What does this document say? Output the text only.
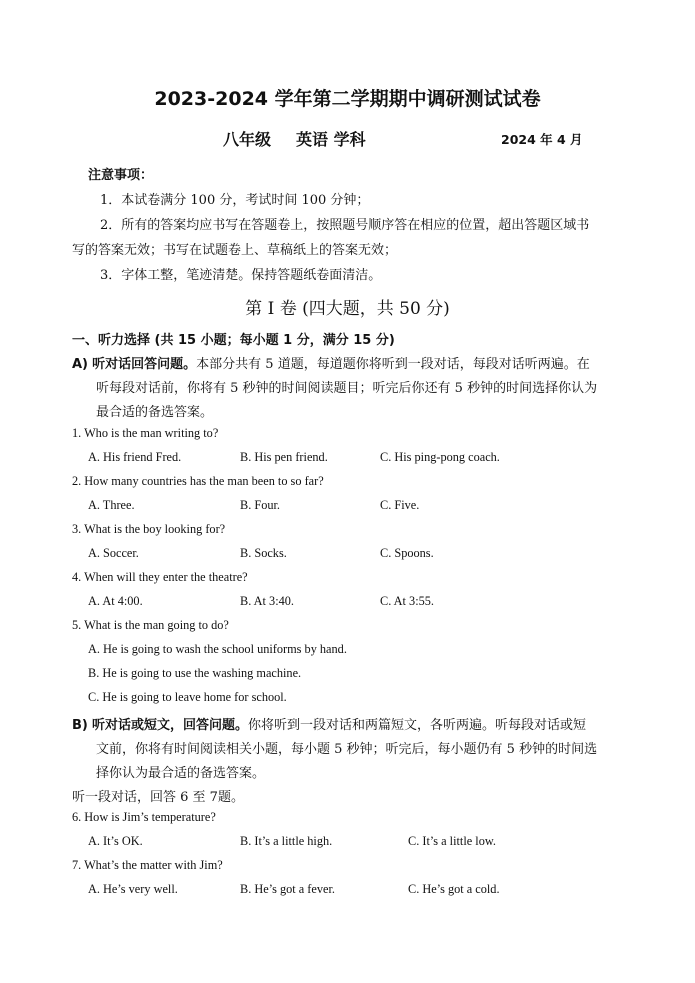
2023-2024 学年第二学期期中调研测试试卷
八年级 英语 学科	2024 年 4 月
注意事项：
1．本试卷满分 100 分，考试时间 100 分钟；
2．所有的答案均应书写在答题卷上，按照题号顺序答在相应的位置，超出答题区域书
写的答案无效；书写在试题卷上、草稿纸上的答案无效；
3．字体工整，笔迹清楚。保持答题纸卷面清洁。
第 I 卷 (四大题，共 50 分)
一、听力选择 (共 15 小题；每小题 1 分，满分 15 分)
A) 听对话回答问题。本部分共有 5 道题，每道题你将听到一段对话，每段对话听两遍。在
听每段对话前，你将有 5 秒钟的时间阅读题目；听完后你还有 5 秒钟的时间选择你认为
最合适的备选答案。
1. Who is the man writing to?
A. His friend Fred.	B. His pen friend.	C. His ping-pong coach.
2. How many countries has the man been to so far?
A. Three.	B. Four.	C. Five.
3. What is the boy looking for?
A. Soccer.	B. Socks.	C. Spoons.
4. When will they enter the theatre?
A. At 4:00.	B. At 3:40.	C. At 3:55.
5. What is the man going to do?
A. He is going to wash the school uniforms by hand.
B. He is going to use the washing machine.
C. He is going to leave home for school.
B) 听对话或短文，回答问题。你将听到一段对话和两篇短文，各听两遍。听每段对话或短
文前，你将有时间阅读相关小题，每小题 5 秒钟；听完后，每小题仍有 5 秒钟的时间选
择你认为最合适的备选答案。
听一段对话，回答 6 至 7题。
6. How is Jim’s temperature?
A. It’s OK.	B. It’s a little high.	C. It’s a little low.
7. What’s the matter with Jim?
A. He’s very well.	B. He’s got a fever.	C. He’s got a cold.
